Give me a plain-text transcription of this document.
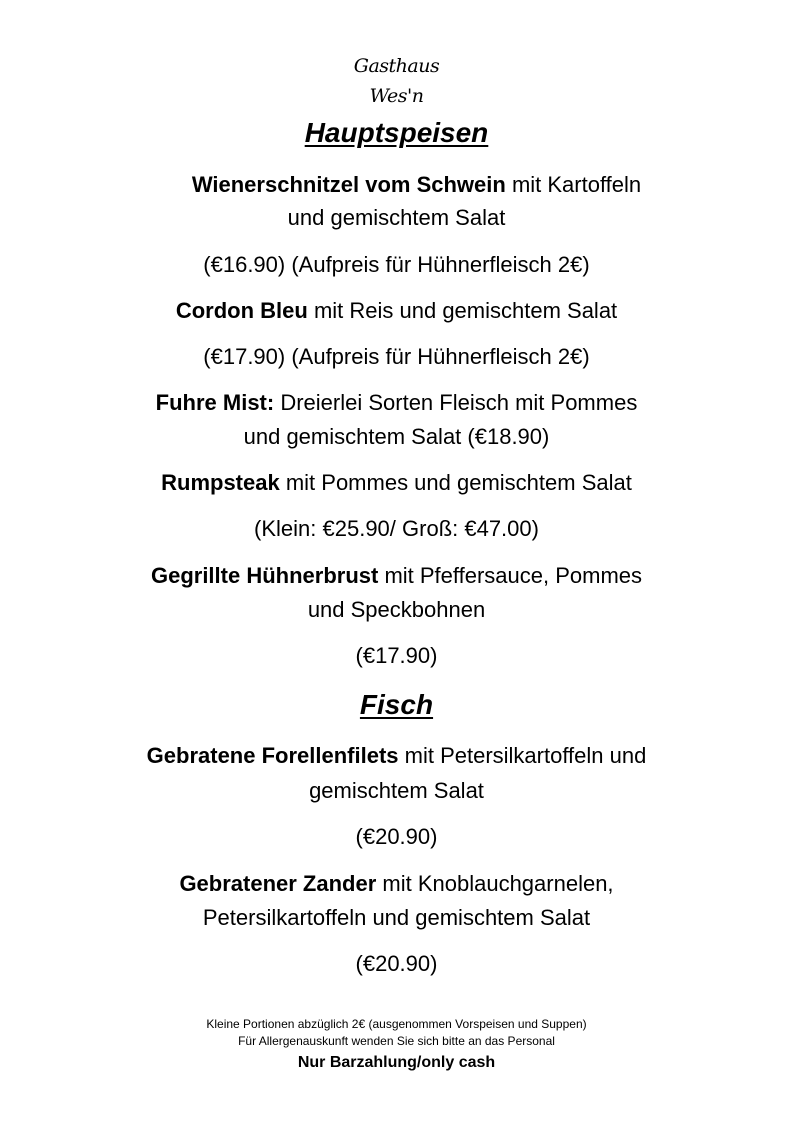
Gasthaus
Wes'n
Hauptspeisen
Wienerschnitzel vom Schwein mit Kartoffeln
und gemischtem Salat
(€16.90) (Aufpreis für Hühnerfleisch 2€)
Cordon Bleu mit Reis und gemischtem Salat
(€17.90) (Aufpreis für Hühnerfleisch 2€)
Fuhre Mist: Dreierlei Sorten Fleisch mit Pommes
und gemischtem Salat (€18.90)
Rumpsteak mit Pommes und gemischtem Salat
(Klein: €25.90/ Groß: €47.00)
Gegrillte Hühnerbrust mit Pfeffersauce, Pommes
und Speckbohnen
(€17.90)
Fisch
Gebratene Forellenfilets mit Petersilkartoffeln und
gemischtem Salat
(€20.90)
Gebratener Zander mit Knoblauchgarnelen,
Petersilkartoffeln und gemischtem Salat
(€20.90)
Kleine Portionen abzüglich 2€ (ausgenommen Vorspeisen und Suppen)
Für Allergenauskunft wenden Sie sich bitte an das Personal
Nur Barzahlung/only cash
